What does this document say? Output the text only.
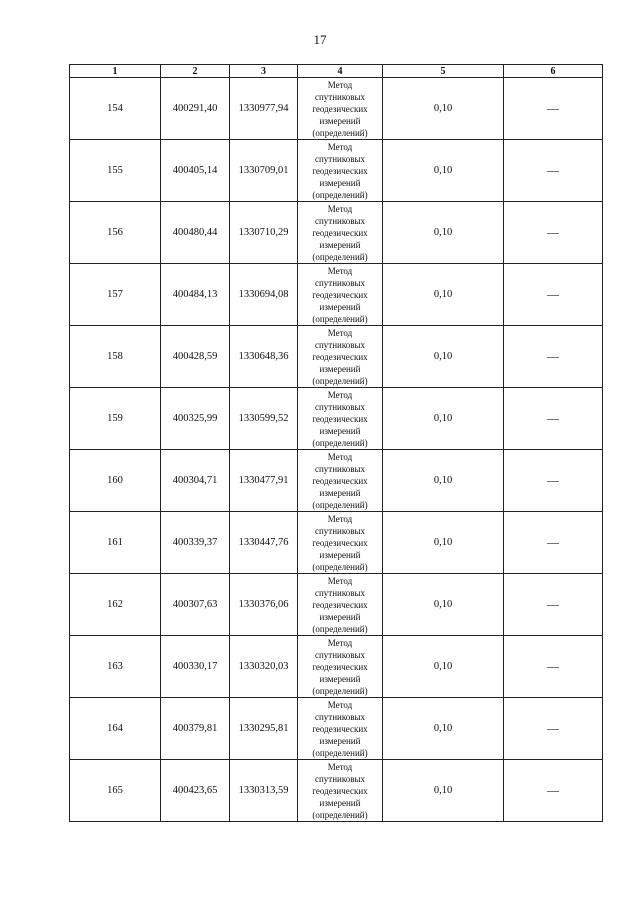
17
1	2	3	4	5	6
154	400291,40	1330977,94	Метод
спутниковых
геодезических
измерений
(определений)	0,10	—
155	400405,14	1330709,01	Метод
спутниковых
геодезических
измерений
(определений)	0,10	—
156	400480,44	1330710,29	Метод
спутниковых
геодезических
измерений
(определений)	0,10	—
157	400484,13	1330694,08	Метод
спутниковых
геодезических
измерений
(определений)	0,10	—
158	400428,59	1330648,36	Метод
спутниковых
геодезических
измерений
(определений)	0,10	—
159	400325,99	1330599,52	Метод
спутниковых
геодезических
измерений
(определений)	0,10	—
160	400304,71	1330477,91	Метод
спутниковых
геодезических
измерений
(определений)	0,10	—
161	400339,37	1330447,76	Метод
спутниковых
геодезических
измерений
(определений)	0,10	—
162	400307,63	1330376,06	Метод
спутниковых
геодезических
измерений
(определений)	0,10	—
163	400330,17	1330320,03	Метод
спутниковых
геодезических
измерений
(определений)	0,10	—
164	400379,81	1330295,81	Метод
спутниковых
геодезических
измерений
(определений)	0,10	—
165	400423,65	1330313,59	Метод
спутниковых
геодезических
измерений
(определений)	0,10	—
